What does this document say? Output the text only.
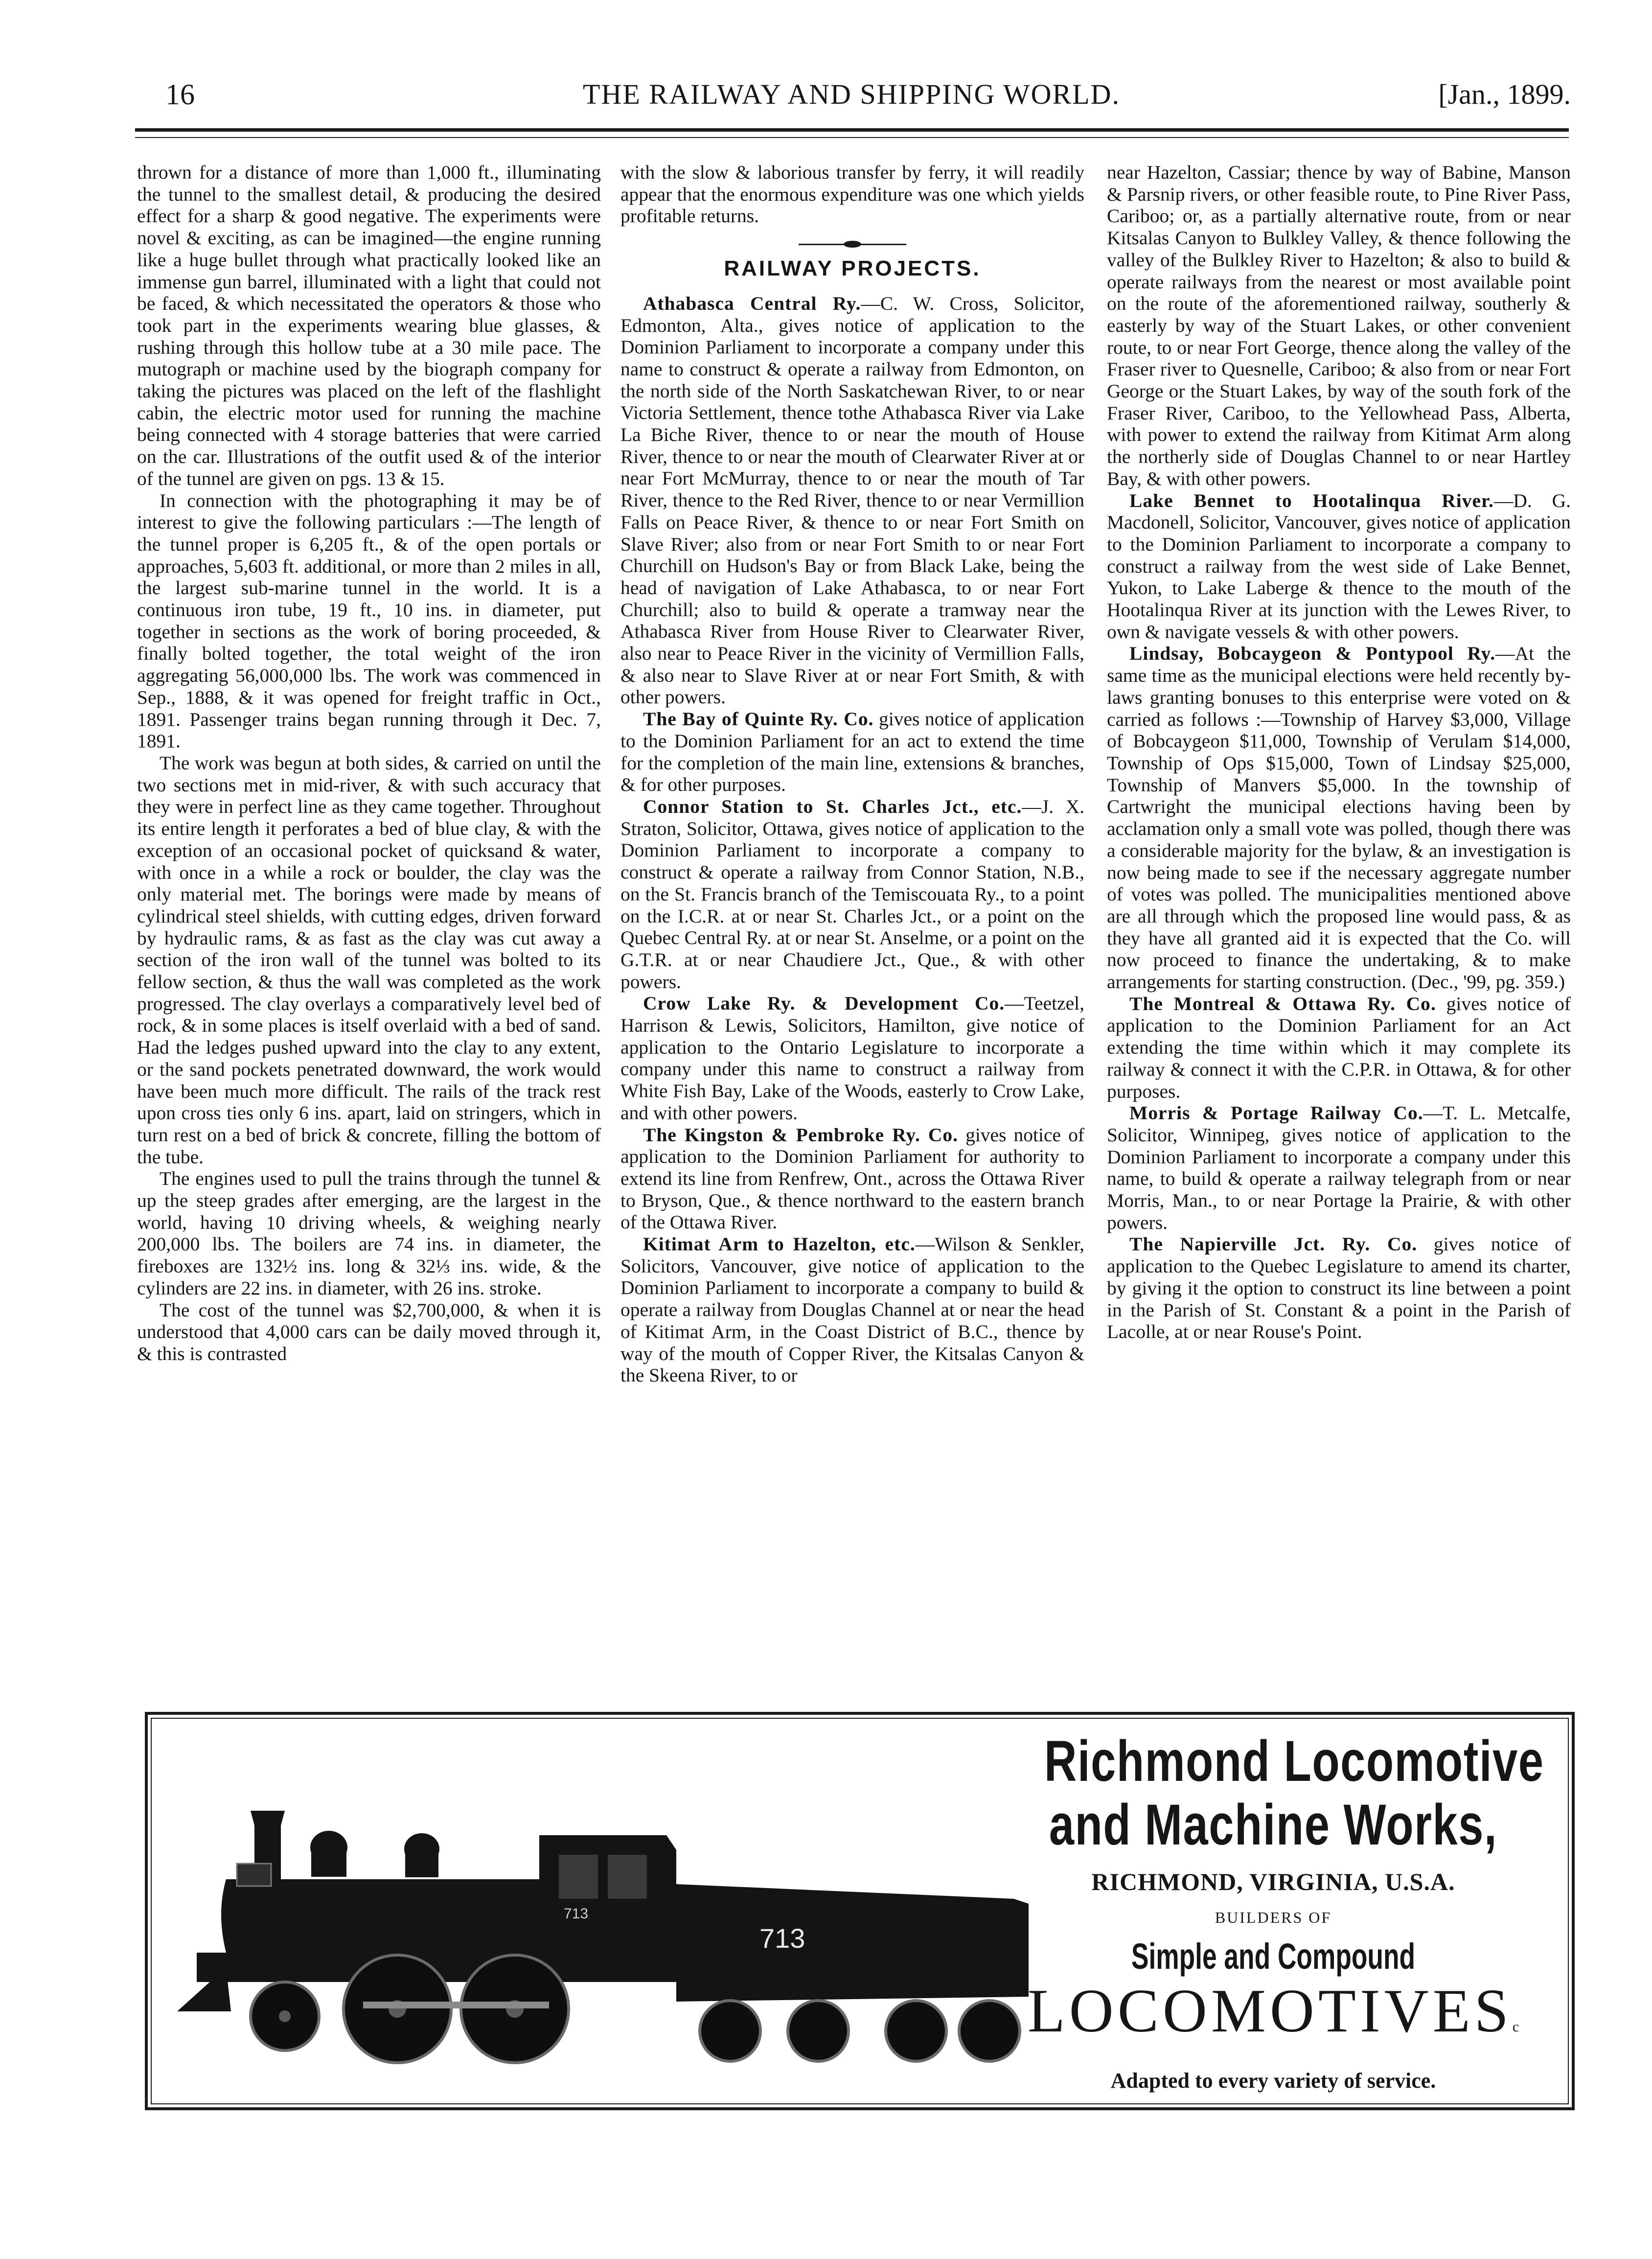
16	THE RAILWAY AND SHIPPING WORLD.	[Jan., 1899.

thrown for a distance of more than 1,000 ft., illuminating the tunnel to the smallest detail, & producing the desired effect for a sharp & good negative. The experiments were novel & exciting, as can be imagined—the engine running like a huge bullet through what practically looked like an immense gun barrel, illuminated with a light that could not be faced, & which necessitated the operators & those who took part in the experiments wearing blue glasses, & rushing through this hollow tube at a 30 mile pace. The mutograph or machine used by the biograph company for taking the pictures was placed on the left of the flashlight cabin, the electric motor used for running the machine being connected with 4 storage batteries that were carried on the car. Illustrations of the outfit used & of the interior of the tunnel are given on pgs. 13 & 15.

In connection with the photographing it may be of interest to give the following particulars :—The length of the tunnel proper is 6,205 ft., & of the open portals or approaches, 5,603 ft. additional, or more than 2 miles in all, the largest sub-marine tunnel in the world. It is a continuous iron tube, 19 ft., 10 ins. in diameter, put together in sections as the work of boring proceeded, & finally bolted together, the total weight of the iron aggregating 56,000,000 lbs. The work was commenced in Sep., 1888, & it was opened for freight traffic in Oct., 1891. Passenger trains began running through it Dec. 7, 1891.

The work was begun at both sides, & carried on until the two sections met in mid-river, & with such accuracy that they were in perfect line as they came together. Throughout its entire length it perforates a bed of blue clay, & with the exception of an occasional pocket of quicksand & water, with once in a while a rock or boulder, the clay was the only material met. The borings were made by means of cylindrical steel shields, with cutting edges, driven forward by hydraulic rams, & as fast as the clay was cut away a section of the iron wall of the tunnel was bolted to its fellow section, & thus the wall was completed as the work progressed. The clay overlays a comparatively level bed of rock, & in some places is itself overlaid with a bed of sand. Had the ledges pushed upward into the clay to any extent, or the sand pockets penetrated downward, the work would have been much more difficult. The rails of the track rest upon cross ties only 6 ins. apart, laid on stringers, which in turn rest on a bed of brick & concrete, filling the bottom of the tube.

The engines used to pull the trains through the tunnel & up the steep grades after emerging, are the largest in the world, having 10 driving wheels, & weighing nearly 200,000 lbs. The boilers are 74 ins. in diameter, the fireboxes are 132½ ins. long & 32⅓ ins. wide, & the cylinders are 22 ins. in diameter, with 26 ins. stroke.

The cost of the tunnel was $2,700,000, & when it is understood that 4,000 cars can be daily moved through it, & this is contrasted

with the slow & laborious transfer by ferry, it will readily appear that the enormous expenditure was one which yields profitable returns.

RAILWAY PROJECTS.

Athabasca Central Ry.—C. W. Cross, Solicitor, Edmonton, Alta., gives notice of application to the Dominion Parliament to incorporate a company under this name to construct & operate a railway from Edmonton, on the north side of the North Saskatchewan River, to or near Victoria Settlement, thence tothe Athabasca River via Lake La Biche River, thence to or near the mouth of House River, thence to or near the mouth of Clearwater River at or near Fort McMurray, thence to or near the mouth of Tar River, thence to the Red River, thence to or near Vermillion Falls on Peace River, & thence to or near Fort Smith on Slave River; also from or near Fort Smith to or near Fort Churchill on Hudson's Bay or from Black Lake, being the head of navigation of Lake Athabasca, to or near Fort Churchill; also to build & operate a tramway near the Athabasca River from House River to Clearwater River, also near to Peace River in the vicinity of Vermillion Falls, & also near to Slave River at or near Fort Smith, & with other powers.

The Bay of Quinte Ry. Co. gives notice of application to the Dominion Parliament for an act to extend the time for the completion of the main line, extensions & branches, & for other purposes.

Connor Station to St. Charles Jct., etc.—J. X. Straton, Solicitor, Ottawa, gives notice of application to the Dominion Parliament to incorporate a company to construct & operate a railway from Connor Station, N.B., on the St. Francis branch of the Temiscouata Ry., to a point on the I.C.R. at or near St. Charles Jct., or a point on the Quebec Central Ry. at or near St. Anselme, or a point on the G.T.R. at or near Chaudiere Jct., Que., & with other powers.

Crow Lake Ry. & Development Co.—Teetzel, Harrison & Lewis, Solicitors, Hamilton, give notice of application to the Ontario Legislature to incorporate a company under this name to construct a railway from White Fish Bay, Lake of the Woods, easterly to Crow Lake, and with other powers.

The Kingston & Pembroke Ry. Co. gives notice of application to the Dominion Parliament for authority to extend its line from Renfrew, Ont., across the Ottawa River to Bryson, Que., & thence northward to the eastern branch of the Ottawa River.

Kitimat Arm to Hazelton, etc.—Wilson & Senkler, Solicitors, Vancouver, give notice of application to the Dominion Parliament to incorporate a company to build & operate a railway from Douglas Channel at or near the head of Kitimat Arm, in the Coast District of B.C., thence by way of the mouth of Copper River, the Kitsalas Canyon & the Skeena River, to or

near Hazelton, Cassiar; thence by way of Babine, Manson & Parsnip rivers, or other feasible route, to Pine River Pass, Cariboo; or, as a partially alternative route, from or near Kitsalas Canyon to Bulkley Valley, & thence following the valley of the Bulkley River to Hazelton; & also to build & operate railways from the nearest or most available point on the route of the aforementioned railway, southerly & easterly by way of the Stuart Lakes, or other convenient route, to or near Fort George, thence along the valley of the Fraser river to Quesnelle, Cariboo; & also from or near Fort George or the Stuart Lakes, by way of the south fork of the Fraser River, Cariboo, to the Yellowhead Pass, Alberta, with power to extend the railway from Kitimat Arm along the northerly side of Douglas Channel to or near Hartley Bay, & with other powers.

Lake Bennet to Hootalinqua River.—D. G. Macdonell, Solicitor, Vancouver, gives notice of application to the Dominion Parliament to incorporate a company to construct a railway from the west side of Lake Bennet, Yukon, to Lake Laberge & thence to the mouth of the Hootalinqua River at its junction with the Lewes River, to own & navigate vessels & with other powers.

Lindsay, Bobcaygeon & Pontypool Ry.—At the same time as the municipal elections were held recently by-laws granting bonuses to this enterprise were voted on & carried as follows :—Township of Harvey $3,000, Village of Bobcaygeon $11,000, Township of Verulam $14,000, Township of Ops $15,000, Town of Lindsay $25,000, Township of Manvers $5,000. In the township of Cartwright the municipal elections having been by acclamation only a small vote was polled, though there was a considerable majority for the bylaw, & an investigation is now being made to see if the necessary aggregate number of votes was polled. The municipalities mentioned above are all through which the proposed line would pass, & as they have all granted aid it is expected that the Co. will now proceed to finance the undertaking, & to make arrangements for starting construction. (Dec., '99, pg. 359.)

The Montreal & Ottawa Ry. Co. gives notice of application to the Dominion Parliament for an Act extending the time within which it may complete its railway & connect it with the C.P.R. in Ottawa, & for other purposes.

Morris & Portage Railway Co.—T. L. Metcalfe, Solicitor, Winnipeg, gives notice of application to the Dominion Parliament to incorporate a company under this name, to build & operate a railway telegraph from or near Morris, Man., to or near Portage la Prairie, & with other powers.

The Napierville Jct. Ry. Co. gives notice of application to the Quebec Legislature to amend its charter, by giving it the option to construct its line between a point in the Parish of St. Constant & a point in the Parish of Lacolle, at or near Rouse's Point.

713
713
Richmond Locomotive
and Machine Works,
RICHMOND, VIRGINIA, U.S.A.
BUILDERS OF
Simple and Compound
LOCOMOTIVESc
Adapted to every variety of service.
